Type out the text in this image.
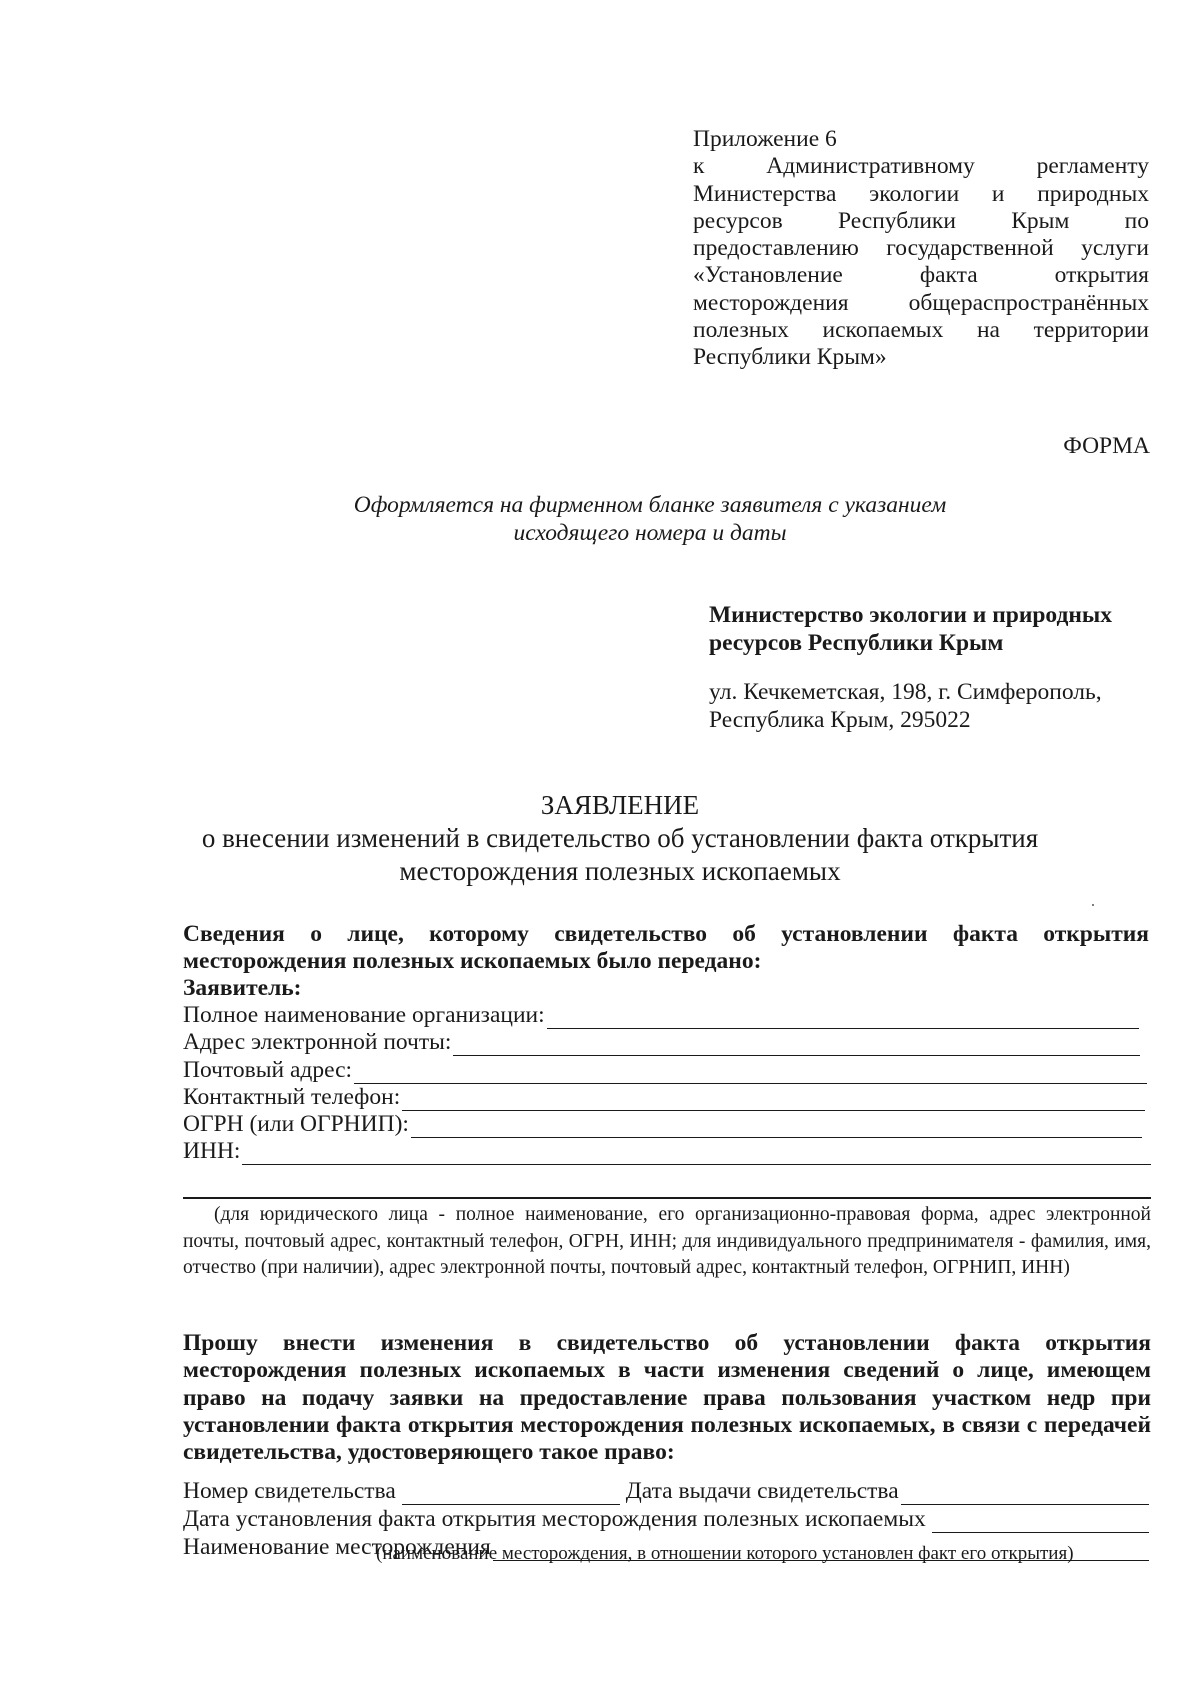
Приложение 6
к Административному регламенту Министерства экологии и природных ресурсов Республики Крым по предоставлению государственной услуги «Установление факта открытия месторождения общераспространённых полезных ископаемых на территории Республики Крым»
ФОРМА
Оформляется на фирменном бланке заявителя с указанием
исходящего номера и даты
Министерство экологии и природных
ресурсов Республики Крым
ул. Кечкеметская, 198, г. Симферополь,
Республика Крым, 295022
ЗАЯВЛЕНИЕ
о внесении изменений в свидетельство об установлении факта открытия
месторождения полезных ископаемых
Сведения о лице, которому свидетельство об установлении факта открытия месторождения полезных ископаемых было передано:
Заявитель:
Полное наименование организации:
Адрес электронной почты:
Почтовый адрес:
Контактный телефон:
ОГРН (или ОГРНИП):
ИНН:
(для юридического лица - полное наименование, его организационно-правовая форма, адрес электронной почты, почтовый адрес, контактный телефон, ОГРН, ИНН; для индивидуального предпринимателя - фамилия, имя, отчество (при наличии), адрес электронной почты, почтовый адрес, контактный телефон, ОГРНИП, ИНН)
Прошу внести изменения в свидетельство об установлении факта открытия месторождения полезных ископаемых в части изменения сведений о лице, имеющем право на подачу заявки на предоставление права пользования участком недр при установлении факта открытия месторождения полезных ископаемых, в связи с передачей свидетельства, удостоверяющего такое право:
Номер свидетельства	Дата выдачи свидетельства
Дата установления факта открытия месторождения полезных ископаемых
Наименование месторождения
(наименование месторождения, в отношении которого установлен факт его открытия)
